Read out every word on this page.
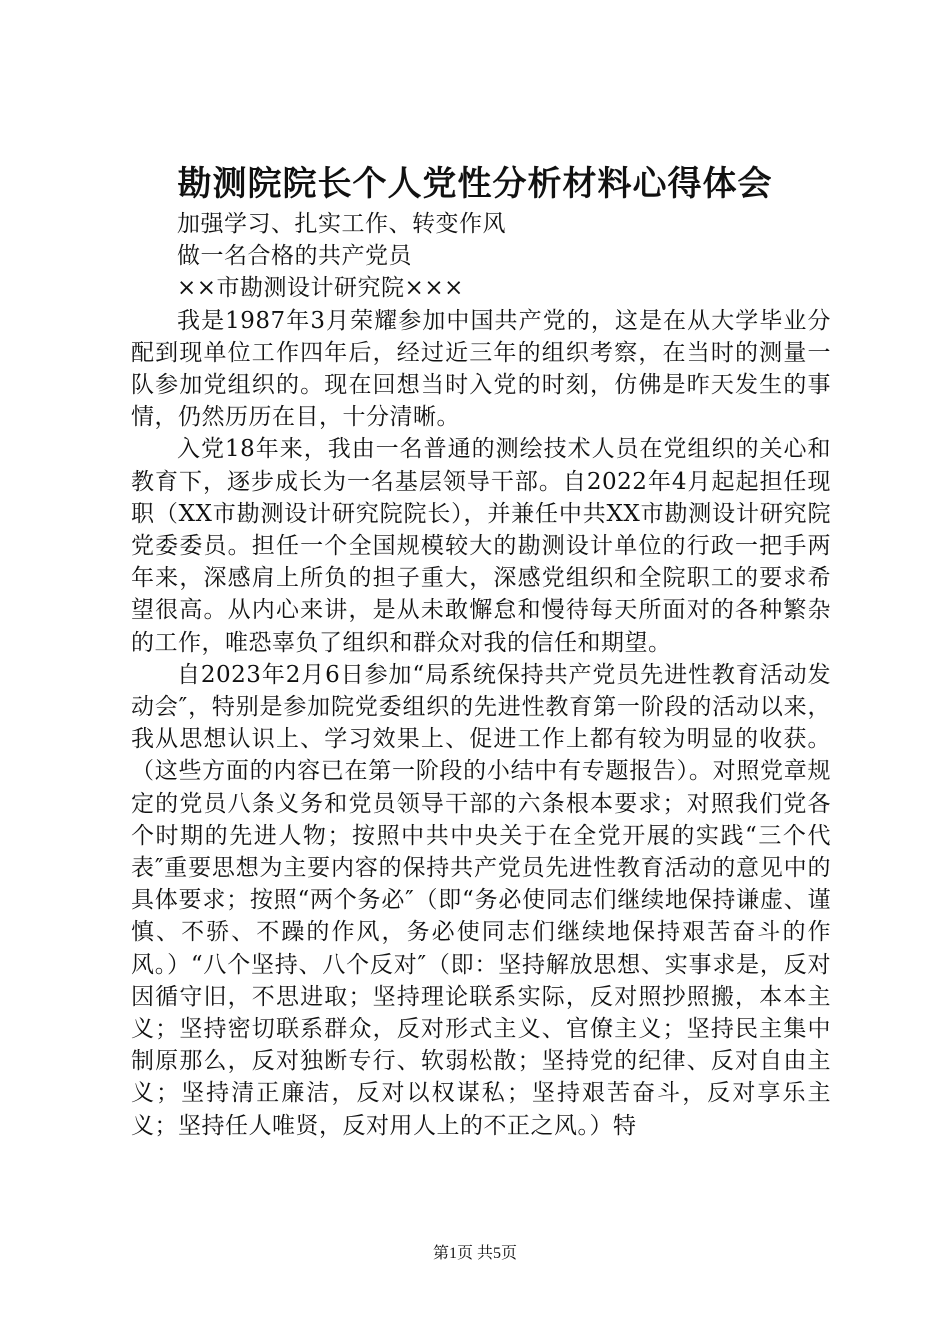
勘测院院长个人党性分析材料心得体会

加强学习、扎实工作、转变作风

做一名合格的共产党员

××市勘测设计研究院×××

我是1987年3月荣耀参加中国共产党的，这是在从大学毕业分配到现单位工作四年后，经过近三年的组织考察，在当时的测量一队参加党组织的。现在回想当时入党的时刻，仿佛是昨天发生的事情，仍然历历在目，十分清晰。

入党18年来，我由一名普通的测绘技术人员在党组织的关心和教育下，逐步成长为一名基层领导干部。自2022年4月起起担任现职（XX市勘测设计研究院院长），并兼任中共XX市勘测设计研究院党委委员。担任一个全国规模较大的勘测设计单位的行政一把手两年来，深感肩上所负的担子重大，深感党组织和全院职工的要求希望很高。从内心来讲，是从未敢懈怠和慢待每天所面对的各种繁杂的工作，唯恐辜负了组织和群众对我的信任和期望。

自2023年2月6日参加“局系统保持共产党员先进性教育活动发动会″，特别是参加院党委组织的先进性教育第一阶段的活动以来，我从思想认识上、学习效果上、促进工作上都有较为明显的收获。（这些方面的内容已在第一阶段的小结中有专题报告）。对照党章规定的党员八条义务和党员领导干部的六条根本要求；对照我们党各个时期的先进人物；按照中共中央关于在全党开展的实践“三个代表″重要思想为主要内容的保持共产党员先进性教育活动的意见中的具体要求；按照“两个务必″（即“务必使同志们继续地保持谦虚、谨慎、不骄、不躁的作风，务必使同志们继续地保持艰苦奋斗的作风。）“八个坚持、八个反对″（即：坚持解放思想、实事求是，反对因循守旧，不思进取；坚持理论联系实际，反对照抄照搬，本本主义；坚持密切联系群众，反对形式主义、官僚主义；坚持民主集中制原那么，反对独断专行、软弱松散；坚持党的纪律、反对自由主义；坚持清正廉洁，反对以权谋私；坚持艰苦奋斗，反对享乐主义；坚持任人唯贤，反对用人上的不正之风。）特

第1页 共5页
